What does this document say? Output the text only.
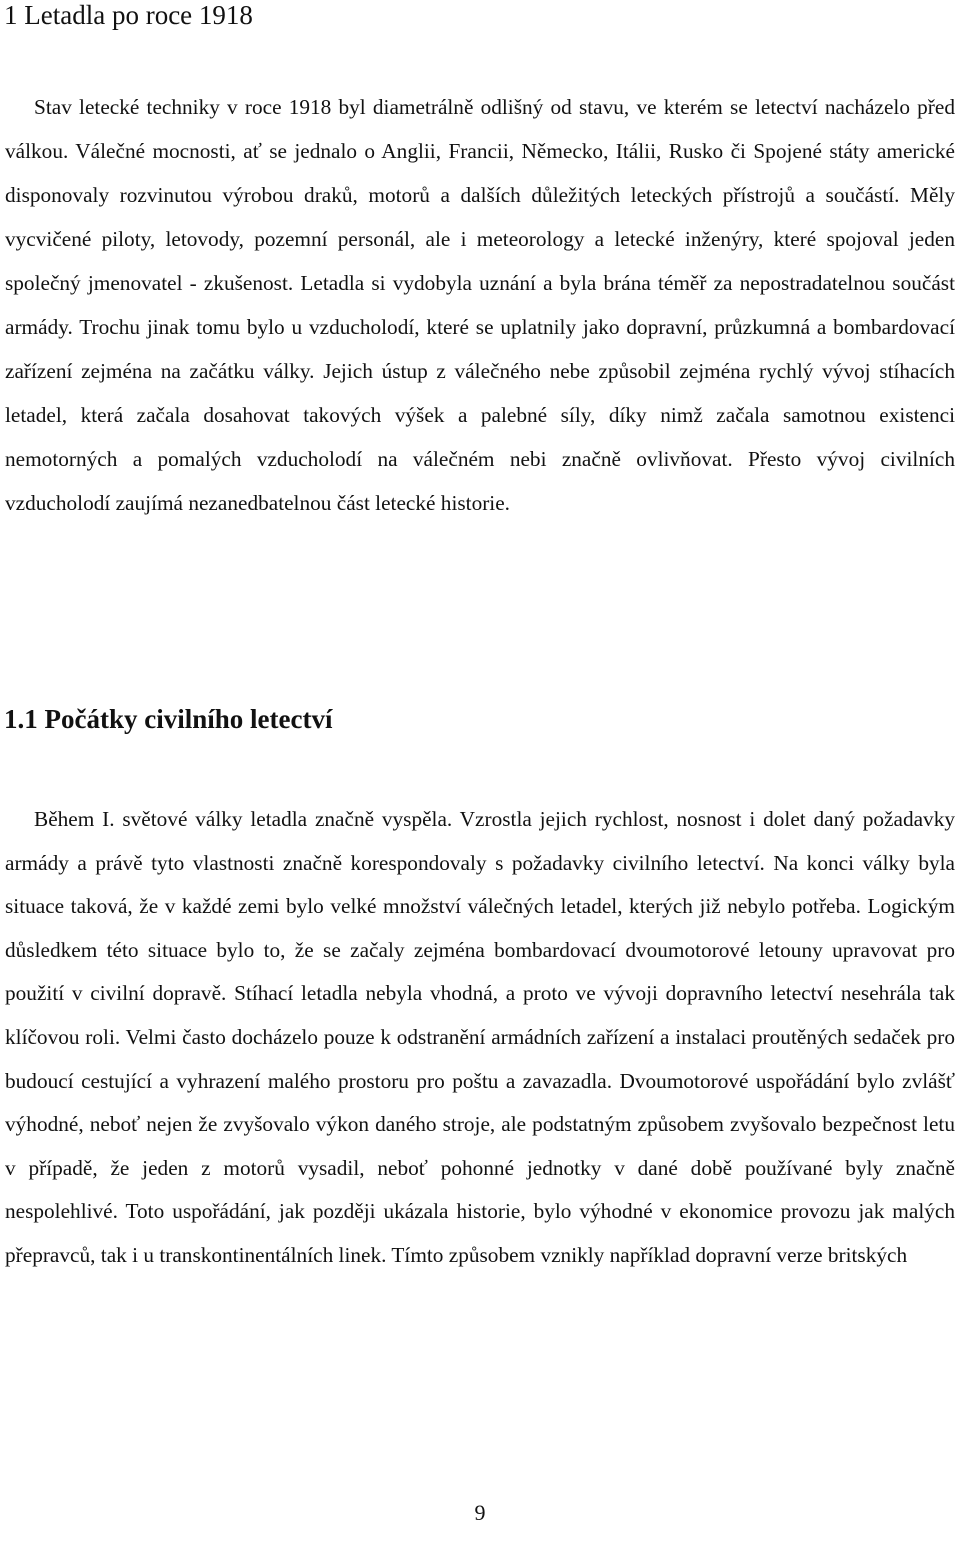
1 Letadla po roce 1918

Stav letecké techniky v roce 1918 byl diametrálně odlišný od stavu, ve kterém se letectví nacházelo před válkou. Válečné mocnosti, ať se jednalo o Anglii, Francii, Německo, Itálii, Rusko či Spojené státy americké disponovaly rozvinutou výrobou draků, motorů a dalších důležitých leteckých přístrojů a součástí. Měly vycvičené piloty, letovody, pozemní personál, ale i meteorology a letecké inženýry, které spojoval jeden společný jmenovatel - zkušenost. Letadla si vydobyla uznání a byla brána téměř za nepostradatelnou součást armády. Trochu jinak tomu bylo u vzducholodí, které se uplatnily jako dopravní, průzkumná a bombardovací zařízení zejména na začátku války. Jejich ústup z válečného nebe způsobil zejména rychlý vývoj stíhacích letadel, která začala dosahovat takových výšek a palebné síly, díky nimž začala samotnou existenci nemotorných a pomalých vzducholodí na válečném nebi značně ovlivňovat. Přesto vývoj civilních vzducholodí zaujímá nezanedbatelnou část letecké historie.

1.1 Počátky civilního letectví

Během I. světové války letadla značně vyspěla. Vzrostla jejich rychlost, nosnost i dolet daný požadavky armády a právě tyto vlastnosti značně korespondovaly s požadavky civilního letectví. Na konci války byla situace taková, že v každé zemi bylo velké množství válečných letadel, kterých již nebylo potřeba. Logickým důsledkem této situace bylo to, že se začaly zejména bombardovací dvoumotorové letouny upravovat pro použití v civilní dopravě. Stíhací letadla nebyla vhodná, a proto ve vývoji dopravního letectví nesehrála tak klíčovou roli. Velmi často docházelo pouze k odstranění armádních zařízení a instalaci proutěných sedaček pro budoucí cestující a vyhrazení malého prostoru pro poštu a zavazadla. Dvoumotorové uspořádání bylo zvlášť výhodné, neboť nejen že zvyšovalo výkon daného stroje, ale podstatným způsobem zvyšovalo bezpečnost letu v případě, že jeden z motorů vysadil, neboť pohonné jednotky v dané době používané byly značně nespolehlivé. Toto uspořádání, jak později ukázala historie, bylo výhodné v ekonomice provozu jak malých přepravců, tak i u transkontinentálních linek. Tímto způsobem vznikly například dopravní verze britských

9
